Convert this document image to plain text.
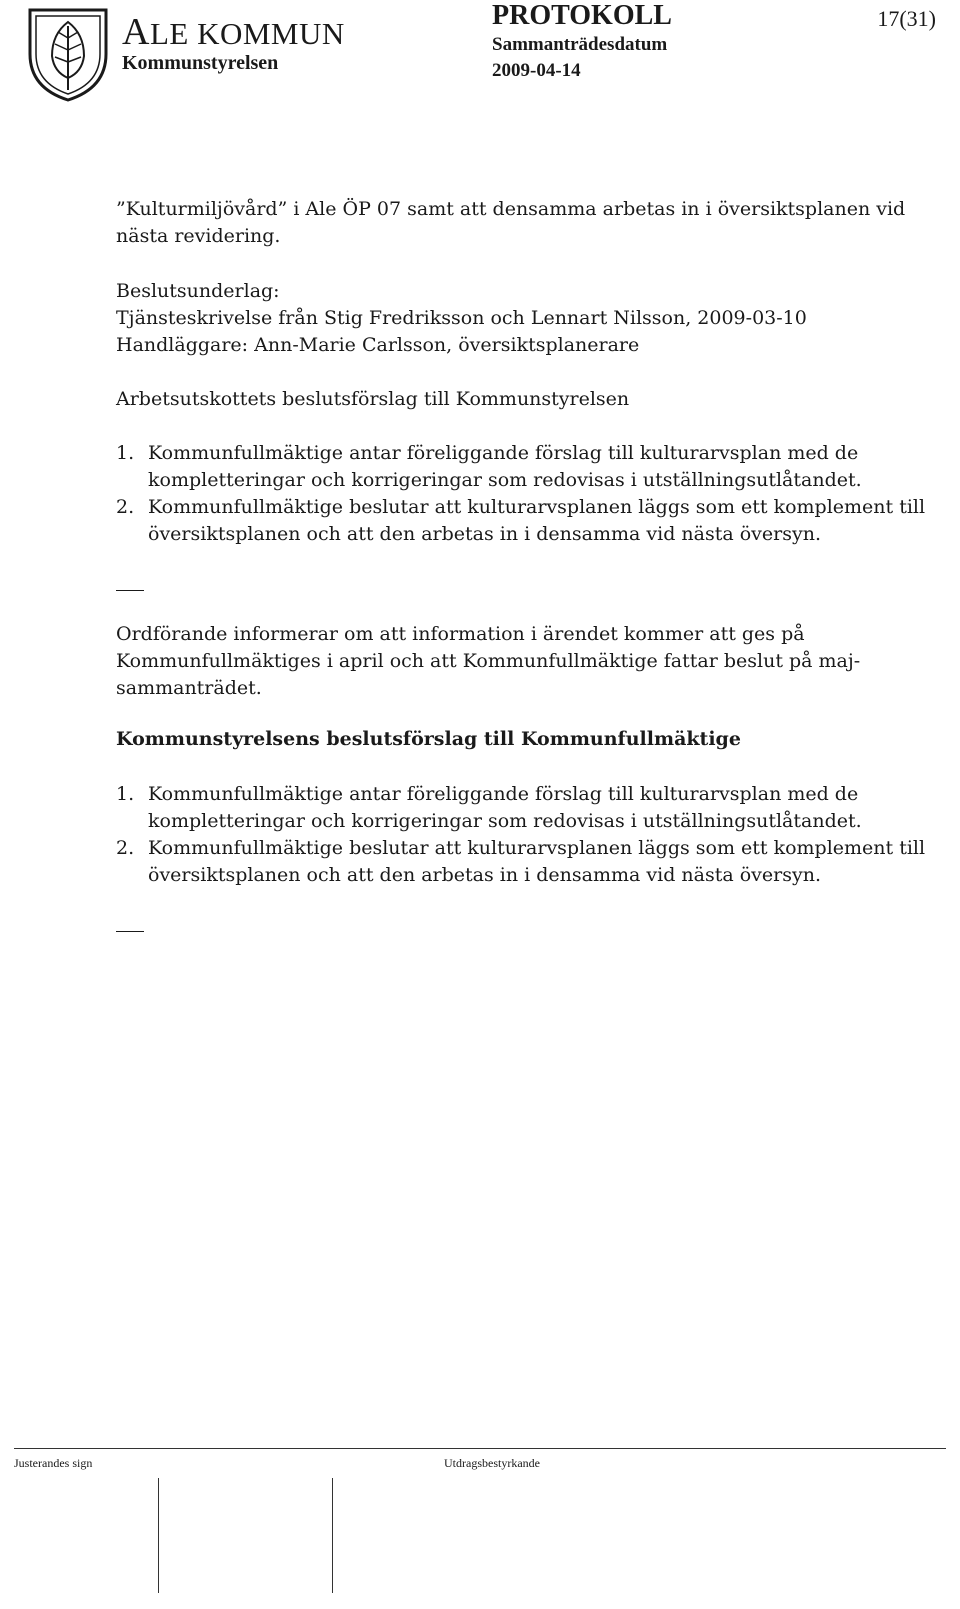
ALE KOMMUN
Kommunstyrelsen
PROTOKOLL	17(31)
Sammanträdesdatum
2009-04-14
”Kulturmiljövård” i Ale ÖP 07 samt att densamma arbetas in i översiktsplanen vid
nästa revidering.
Beslutsunderlag:
Tjänsteskrivelse från Stig Fredriksson och Lennart Nilsson, 2009-03-10
Handläggare: Ann-Marie Carlsson, översiktsplanerare
Arbetsutskottets beslutsförslag till Kommunstyrelsen
1. Kommunfullmäktige antar föreliggande förslag till kulturarvsplan med de
kompletteringar och korrigeringar som redovisas i utställningsutlåtandet.
2. Kommunfullmäktige beslutar att kulturarvsplanen läggs som ett komplement till
översiktsplanen och att den arbetas in i densamma vid nästa översyn.
Ordförande informerar om att information i ärendet kommer att ges på
Kommunfullmäktiges i april och att Kommunfullmäktige fattar beslut på maj-
sammanträdet.
Kommunstyrelsens beslutsförslag till Kommunfullmäktige
1. Kommunfullmäktige antar föreliggande förslag till kulturarvsplan med de
kompletteringar och korrigeringar som redovisas i utställningsutlåtandet.
2. Kommunfullmäktige beslutar att kulturarvsplanen läggs som ett komplement till
översiktsplanen och att den arbetas in i densamma vid nästa översyn.
Justerandes sign	Utdragsbestyrkande
